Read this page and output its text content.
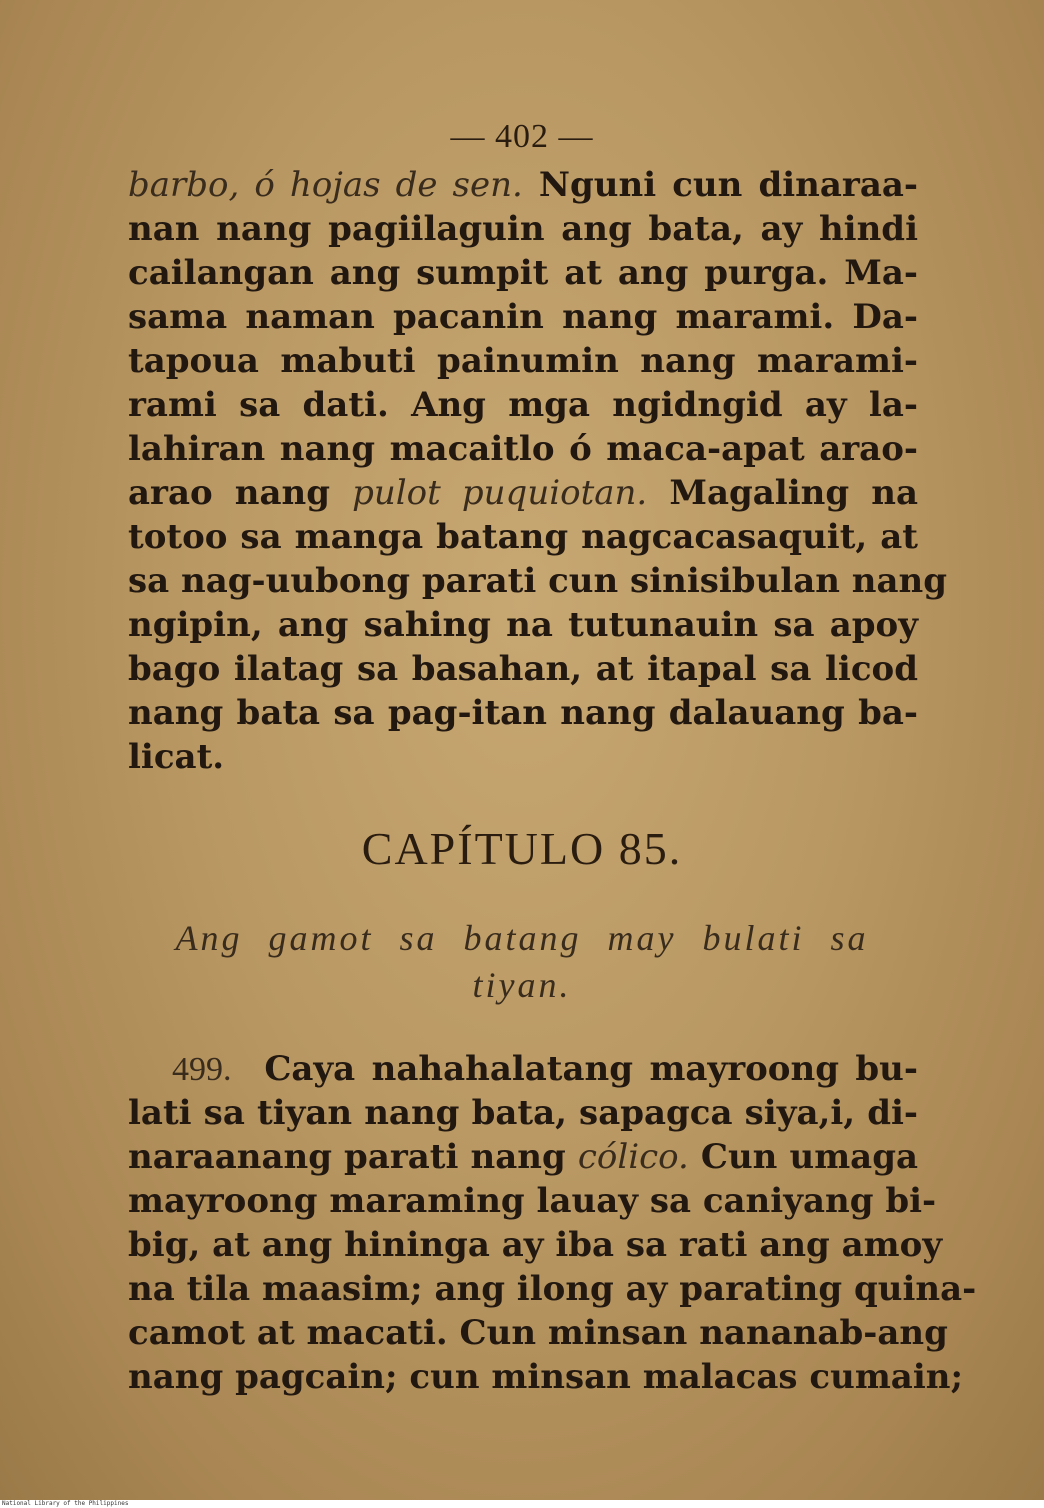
— 402 —
barbo, ó hojas de sen. Nguni cun dinaraa-
nan nang pagiilaguin ang bata, ay hindi
cailangan ang sumpit at ang purga. Ma-
sama naman pacanin nang marami. Da-
tapoua mabuti painumin nang marami-
rami sa dati. Ang mga ngidngid ay la-
lahiran nang macaitlo ó maca-apat arao-
arao nang pulot puquiotan. Magaling na
totoo sa manga batang nagcacasaquit, at
sa nag-uubong parati cun sinisibulan nang
ngipin, ang sahing na tutunauin sa apoy
bago ilatag sa basahan, at itapal sa licod
nang bata sa pag-itan nang dalauang ba-
licat.
CAPÍTULO 85.
Ang gamot sa batang may bulati sa
tiyan.
499. Caya nahahalatang mayroong bu-
lati sa tiyan nang bata, sapagca siya,i, di-
naraanang parati nang cólico. Cun umaga
mayroong maraming lauay sa caniyang bi-
big, at ang hininga ay iba sa rati ang amoy
na tila maasim; ang ilong ay parating quina-
camot at macati. Cun minsan nananab-ang
nang pagcain; cun minsan malacas cumain;
National Library of the Philippines
